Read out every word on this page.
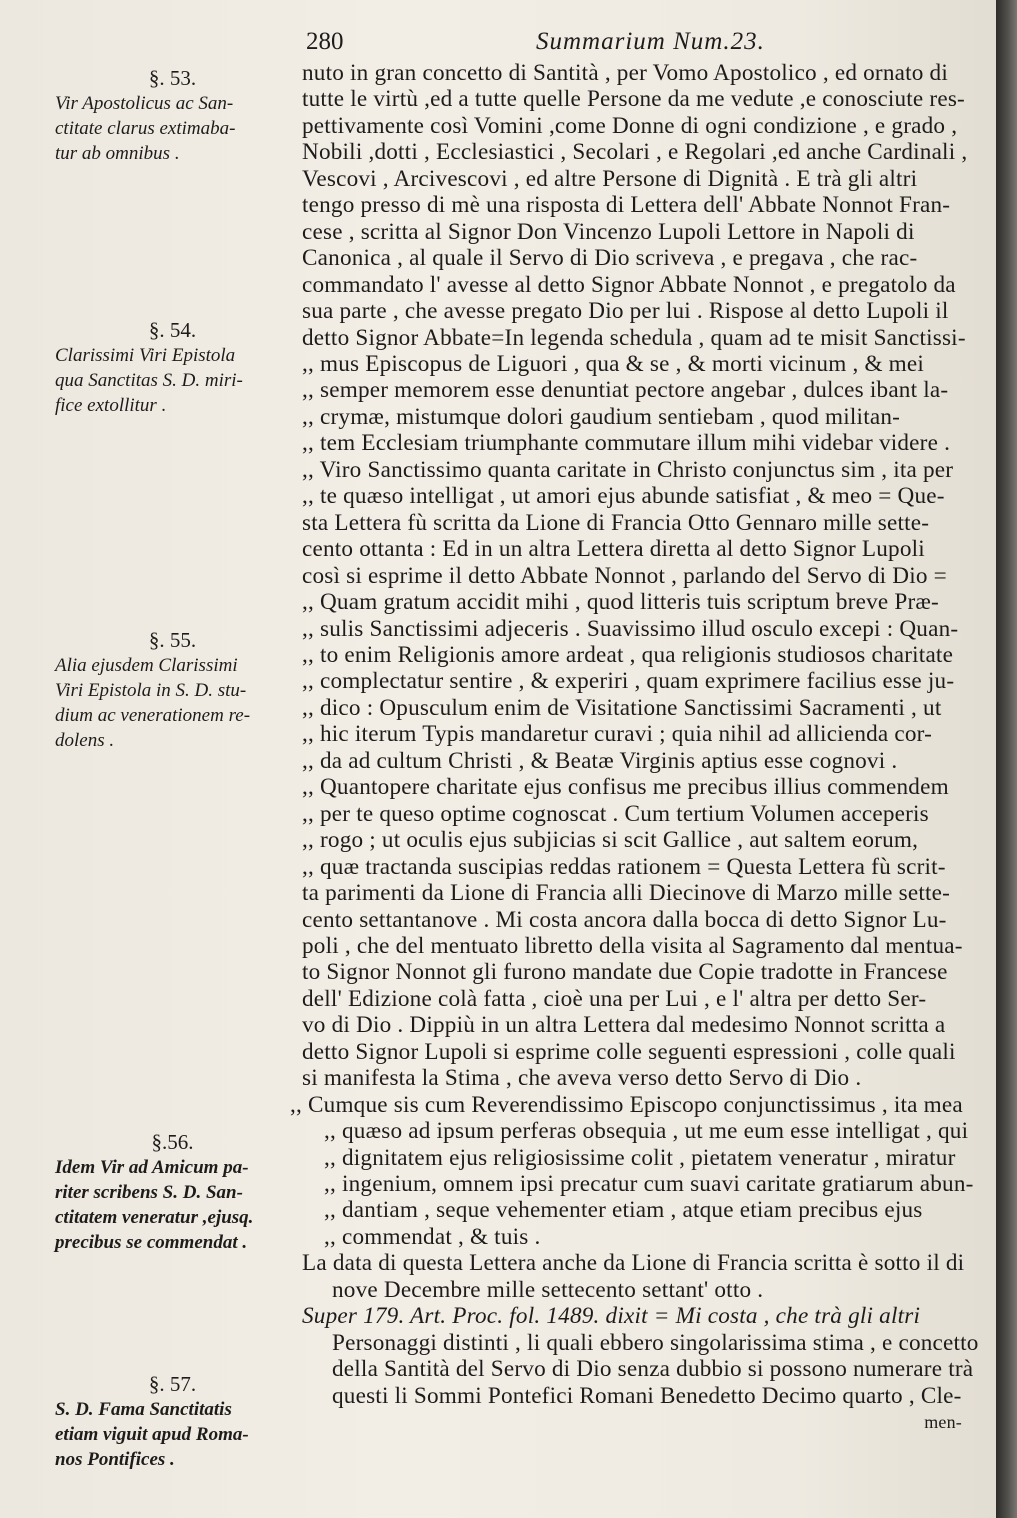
280	Summarium Num.23.
§. 53.
Vir Apostolicus ac San-
ctitate clarus extimaba-
tur ab omnibus .
§. 54.
Clarissimi Viri Epistola
qua Sanctitas S. D. miri-
fice extollitur .
§. 55.
Alia ejusdem Clarissimi
Viri Epistola in S. D. stu-
dium ac venerationem re-
dolens .
§.56.
Idem Vir ad Amicum pa-
riter scribens S. D. San-
ctitatem veneratur ,ejusq.
precibus se commendat .
§. 57.
S. D. Fama Sanctitatis
etiam viguit apud Roma-
nos Pontifices .
nuto in gran concetto di Santità , per Vomo Apostolico , ed ornato di
tutte le virtù ,ed a tutte quelle Persone da me vedute ,e conosciute res-
pettivamente così Vomini ,come Donne di ogni condizione , e grado ,
Nobili ,dotti , Ecclesiastici , Secolari , e Regolari ,ed anche Cardinali ,
Vescovi , Arcivescovi , ed altre Persone di Dignità . E trà gli altri
tengo presso di mè una risposta di Lettera dell' Abbate Nonnot Fran-
cese , scritta al Signor Don Vincenzo Lupoli Lettore in Napoli di
Canonica , al quale il Servo di Dio scriveva , e pregava , che rac-
commandato l' avesse al detto Signor Abbate Nonnot , e pregatolo da
sua parte , che avesse pregato Dio per lui . Rispose al detto Lupoli il
detto Signor Abbate=In legenda schedula , quam ad te misit Sanctissi-
,, mus Episcopus de Liguori , qua & se , & morti vicinum , & mei
,, semper memorem esse denuntiat pectore angebar , dulces ibant la-
,, crymæ, mistumque dolori gaudium sentiebam , quod militan-
,, tem Ecclesiam triumphante commutare illum mihi videbar videre .
,, Viro Sanctissimo quanta caritate in Christo conjunctus sim , ita per
,, te quæso intelligat , ut amori ejus abunde satisfiat , & meo = Que-
sta Lettera fù scritta da Lione di Francia Otto Gennaro mille sette-
cento ottanta : Ed in un altra Lettera diretta al detto Signor Lupoli
così si esprime il detto Abbate Nonnot , parlando del Servo di Dio =
,, Quam gratum accidit mihi , quod litteris tuis scriptum breve Præ-
,, sulis Sanctissimi adjeceris . Suavissimo illud osculo excepi : Quan-
,, to enim Religionis amore ardeat , qua religionis studiosos charitate
,, complectatur sentire , & experiri , quam exprimere facilius esse ju-
,, dico : Opusculum enim de Visitatione Sanctissimi Sacramenti , ut
,, hic iterum Typis mandaretur curavi ; quia nihil ad allicienda cor-
,, da ad cultum Christi , & Beatæ Virginis aptius esse cognovi .
,, Quantopere charitate ejus confisus me precibus illius commendem
,, per te queso optime cognoscat . Cum tertium Volumen acceperis
,, rogo ; ut oculis ejus subjicias si scit Gallice , aut saltem eorum,
,, quæ tractanda suscipias reddas rationem = Questa Lettera fù scrit-
ta parimenti da Lione di Francia alli Diecinove di Marzo mille sette-
cento settantanove . Mi costa ancora dalla bocca di detto Signor Lu-
poli , che del mentuato libretto della visita al Sagramento dal mentua-
to Signor Nonnot gli furono mandate due Copie tradotte in Francese
dell' Edizione colà fatta , cioè una per Lui , e l' altra per detto Ser-
vo di Dio . Dippiù in un altra Lettera dal medesimo Nonnot scritta a
detto Signor Lupoli si esprime colle seguenti espressioni , colle quali
si manifesta la Stima , che aveva verso detto Servo di Dio .
,, Cumque sis cum Reverendissimo Episcopo conjunctissimus , ita mea
,, quæso ad ipsum perferas obsequia , ut me eum esse intelligat , qui
,, dignitatem ejus religiosissime colit , pietatem veneratur , miratur
,, ingenium, omnem ipsi precatur cum suavi caritate gratiarum abun-
,, dantiam , seque vehementer etiam , atque etiam precibus ejus
,, commendat , & tuis .
La data di questa Lettera anche da Lione di Francia scritta è sotto il di
nove Decembre mille settecento settant' otto .
Super 179. Art. Proc. fol. 1489. dixit = Mi costa , che trà gli altri
Personaggi distinti , li quali ebbero singolarissima stima , e concetto
della Santità del Servo di Dio senza dubbio si possono numerare trà
questi li Sommi Pontefici Romani Benedetto Decimo quarto , Cle-
men-
